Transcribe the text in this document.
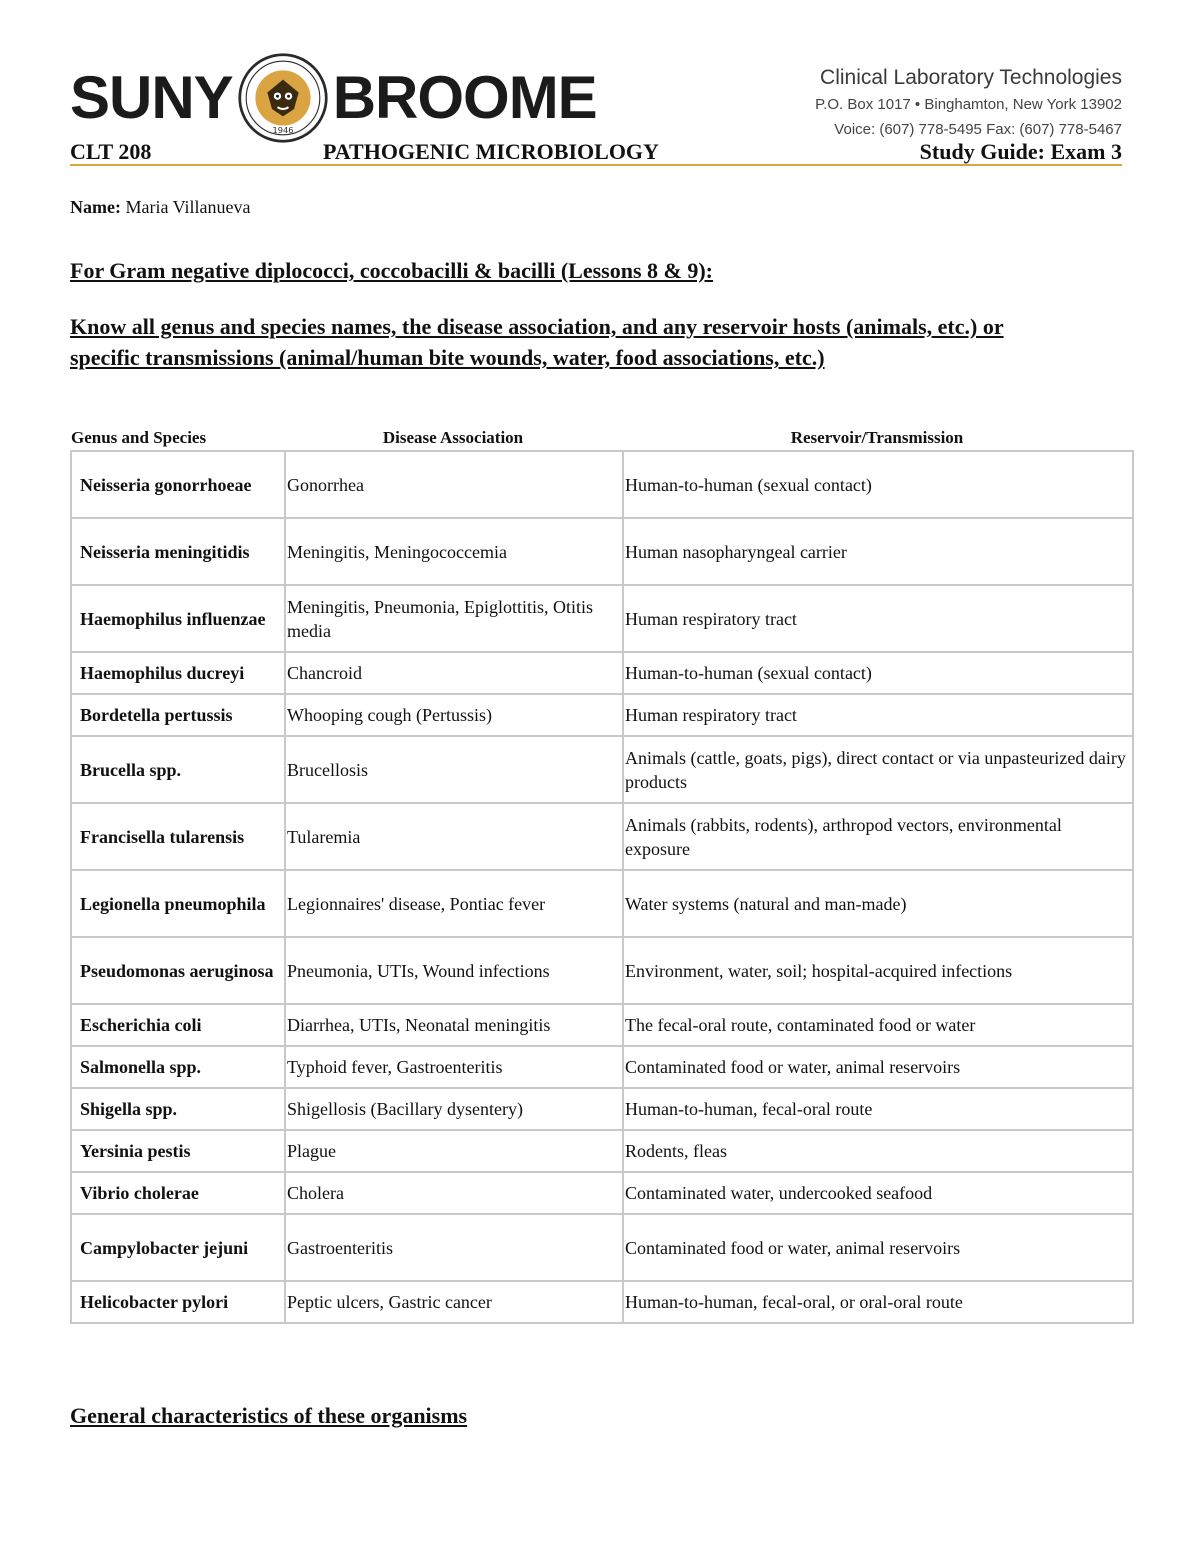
SUNY	1946 BROOME	Clinical Laboratory Technologies
P.O. Box 1017 • Binghamton, New York 13902
Voice: (607) 778-5495 Fax: (607) 778-5467
CLT 208	PATHOGENIC MICROBIOLOGY	Study Guide: Exam 3
Name: Maria Villanueva

For Gram negative diplococci, coccobacilli & bacilli (Lessons 8 & 9):

Know all genus and species names, the disease association, and any reservoir hosts (animals, etc.) or specific transmissions (animal/human bite wounds, water, food associations, etc.)

Genus and Species	Disease Association	Reservoir/Transmission
Neisseria gonorrhoeae	Gonorrhea	Human-to-human (sexual contact)
Neisseria meningitidis	Meningitis, Meningococcemia	Human nasopharyngeal carrier
Haemophilus influenzae	Meningitis, Pneumonia, Epiglottitis, Otitis media	Human respiratory tract
Haemophilus ducreyi	Chancroid	Human-to-human (sexual contact)
Bordetella pertussis	Whooping cough (Pertussis)	Human respiratory tract
Brucella spp.	Brucellosis	Animals (cattle, goats, pigs), direct contact or via unpasteurized dairy products
Francisella tularensis	Tularemia	Animals (rabbits, rodents), arthropod vectors, environmental exposure
Legionella pneumophila	Legionnaires' disease, Pontiac fever	Water systems (natural and man-made)
Pseudomonas aeruginosa	Pneumonia, UTIs, Wound infections	Environment, water, soil; hospital-acquired infections
Escherichia coli	Diarrhea, UTIs, Neonatal meningitis	The fecal-oral route, contaminated food or water
Salmonella spp.	Typhoid fever, Gastroenteritis	Contaminated food or water, animal reservoirs
Shigella spp.	Shigellosis (Bacillary dysentery)	Human-to-human, fecal-oral route
Yersinia pestis	Plague	Rodents, fleas
Vibrio cholerae	Cholera	Contaminated water, undercooked seafood
Campylobacter jejuni	Gastroenteritis	Contaminated food or water, animal reservoirs
Helicobacter pylori	Peptic ulcers, Gastric cancer	Human-to-human, fecal-oral, or oral-oral route

General characteristics of these organisms
